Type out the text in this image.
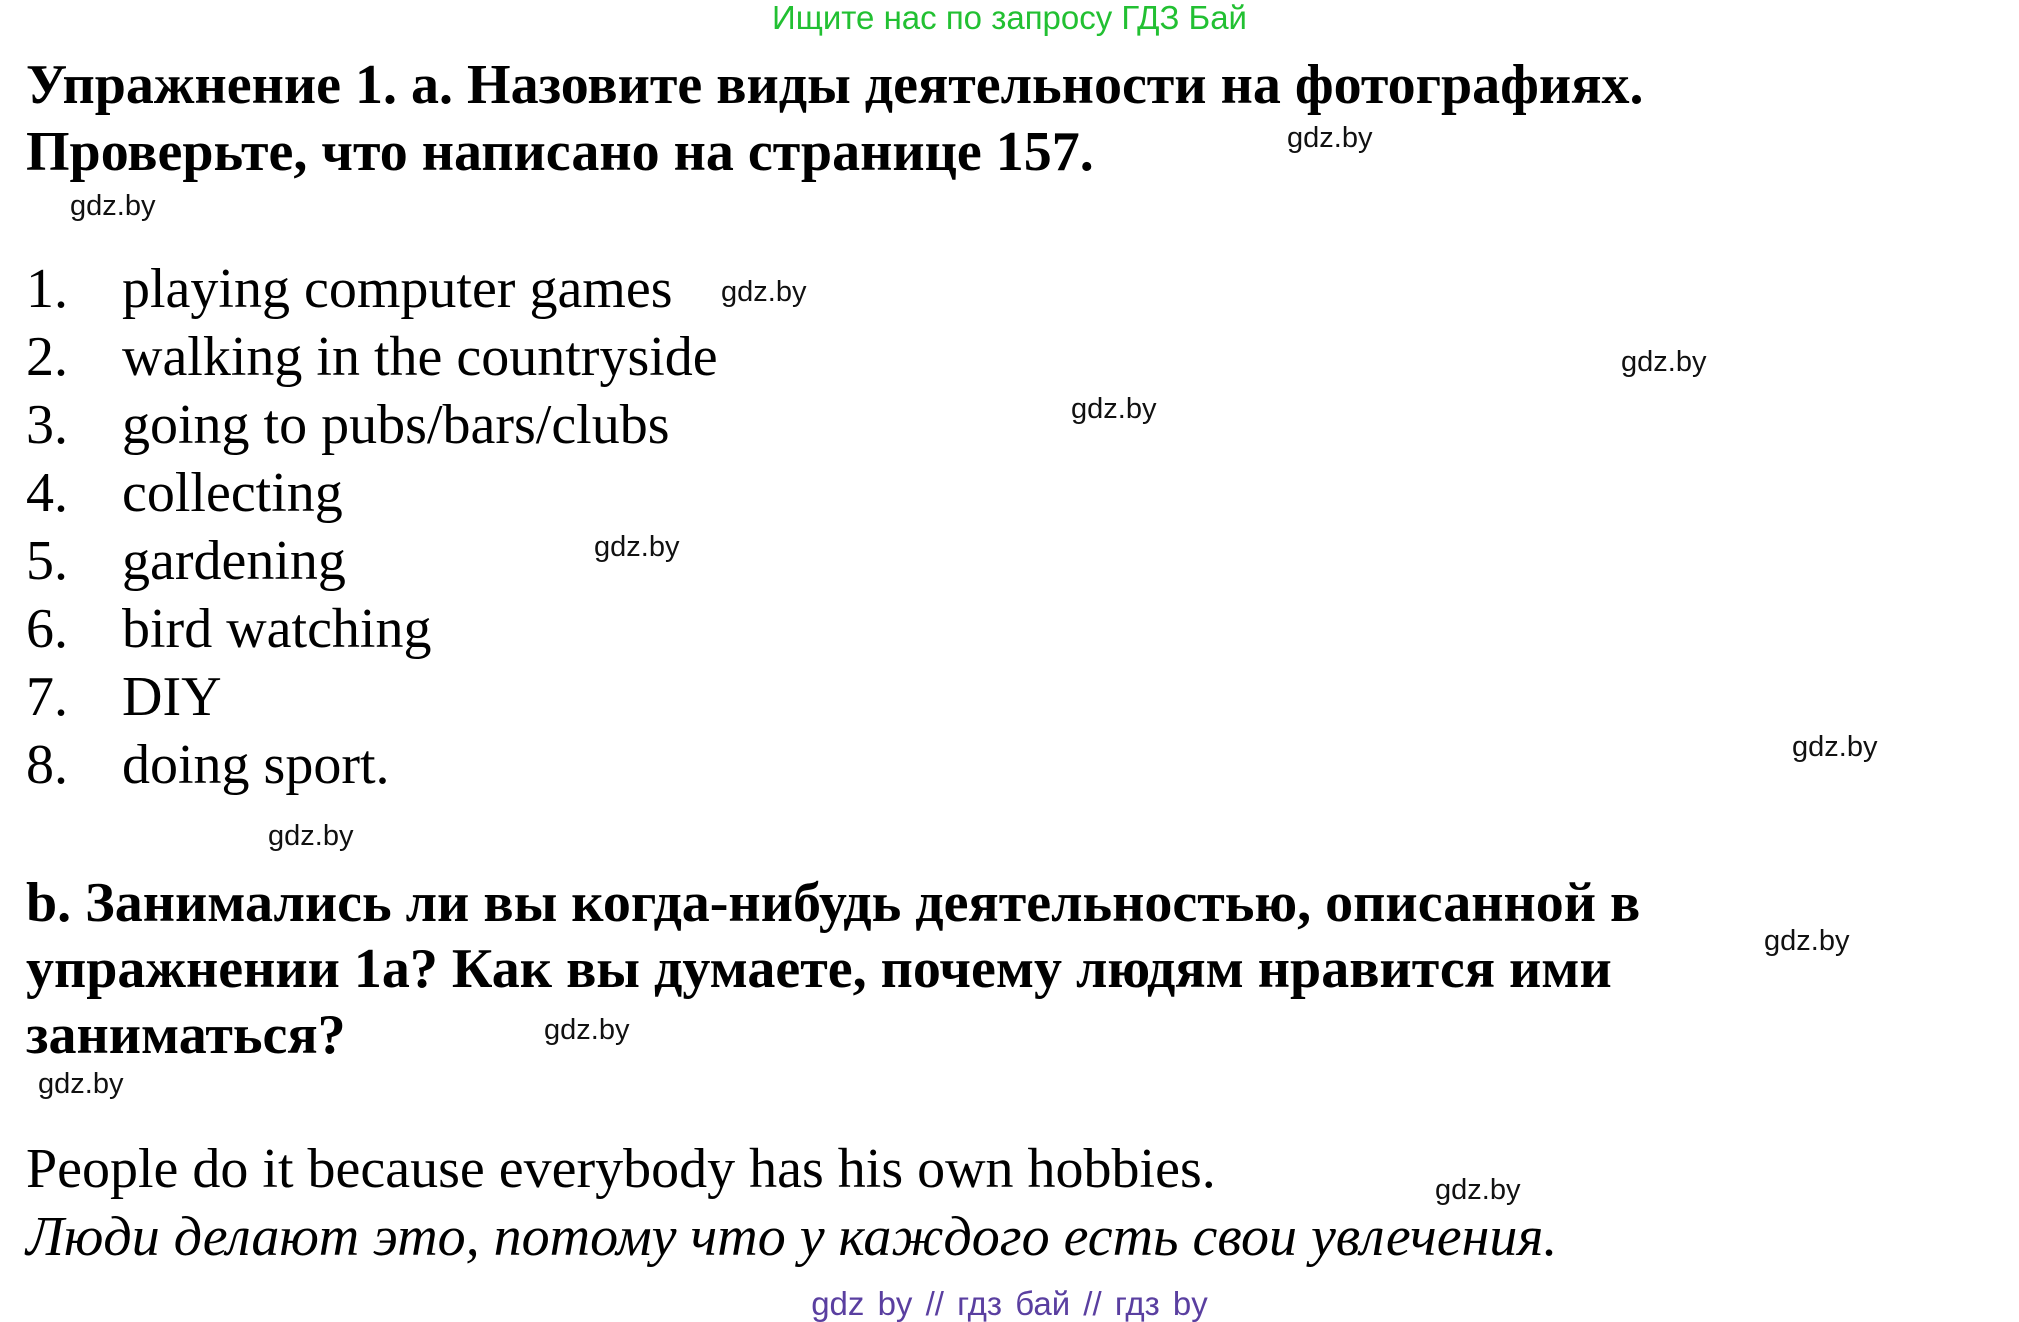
Ищите нас по запросу ГДЗ Бай
Упражнение 1. a. Назовите виды деятельности на фотографиях.
Проверьте, что написано на странице 157.	gdz.by
gdz.by
1. playing computer games
2. walking in the countryside
3. going to pubs/bars/clubs
4. collecting
5. gardening
6. bird watching
7. DIY
8. doing sport.
gdz.by
gdz.by
gdz.by
gdz.by
gdz.by
gdz.by
b. Занимались ли вы когда-нибудь деятельностью, описанной в
упражнении 1a? Как вы думаете, почему людям нравится ими
заниматься?
gdz.by
gdz.by
gdz.by
People do it because everybody has his own hobbies.
Люди делают это, потому что у каждого есть свои увлечения.
gdz.by
gdz by // гдз бай // гдз by
